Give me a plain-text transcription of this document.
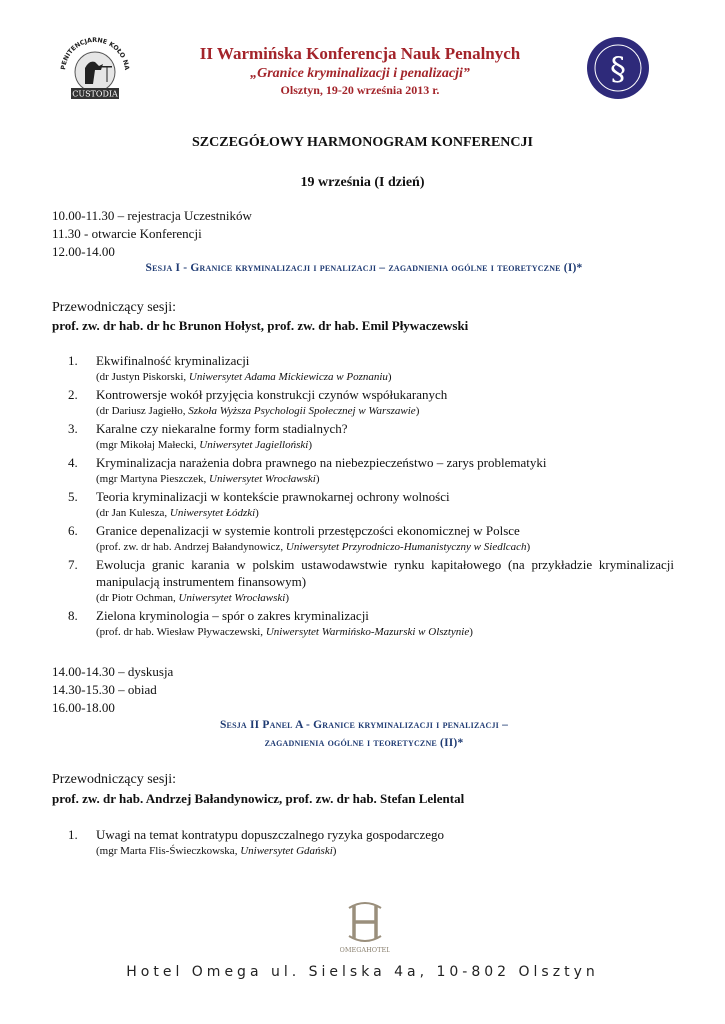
PENITENCJARNE KOŁO NA
CUSTODIA
II Warmińska Konferencja Nauk Penalnych
„Granice kryminalizacji i penalizacji”
Olsztyn, 19-20 września 2013 r.
§
SZCZEGÓŁOWY HARMONOGRAM KONFERENCJI
19 września (I dzień)
10.00-11.30 – rejestracja Uczestników
11.30 - otwarcie Konferencji
12.00-14.00
Sesja I - Granice kryminalizacji i penalizacji – zagadnienia ogólne i teoretyczne (I)*
Przewodniczący sesji:
prof. zw. dr hab. dr hc Brunon Hołyst, prof. zw. dr hab. Emil Pływaczewski
1. Ekwifinalność kryminalizacji
(dr Justyn Piskorski, Uniwersytet Adama Mickiewicza w Poznaniu)
2. Kontrowersje wokół przyjęcia konstrukcji czynów współukaranych
(dr Dariusz Jagiełło, Szkoła Wyższa Psychologii Społecznej w Warszawie)
3. Karalne czy niekaralne formy form stadialnych?
(mgr Mikołaj Małecki, Uniwersytet Jagielloński)
4. Kryminalizacja narażenia dobra prawnego na niebezpieczeństwo – zarys problematyki
(mgr Martyna Pieszczek, Uniwersytet Wrocławski)
5. Teoria kryminalizacji w kontekście prawnokarnej ochrony wolności
(dr Jan Kulesza, Uniwersytet Łódzki)
6. Granice depenalizacji w systemie kontroli przestępczości ekonomicznej w Polsce
(prof. zw. dr hab. Andrzej Bałandynowicz, Uniwersytet Przyrodniczo-Humanistyczny w Siedlcach)
7. Ewolucja granic karania w polskim ustawodawstwie rynku kapitałowego (na przykładzie kryminalizacji manipulacją instrumentem finansowym)
(dr Piotr Ochman, Uniwersytet Wrocławski)
8. Zielona kryminologia – spór o zakres kryminalizacji
(prof. dr hab. Wiesław Pływaczewski, Uniwersytet Warmińsko-Mazurski w Olsztynie)
14.00-14.30 – dyskusja
14.30-15.30 – obiad
16.00-18.00
Sesja II Panel A - Granice kryminalizacji i penalizacji –
zagadnienia ogólne i teoretyczne (II)*
Przewodniczący sesji:
prof. zw. dr hab. Andrzej Bałandynowicz, prof. zw. dr hab. Stefan Lelental
1. Uwagi na temat kontratypu dopuszczalnego ryzyka gospodarczego
(mgr Marta Flis-Świeczkowska, Uniwersytet Gdański)
OMEGAHOTEL
Hotel Omega ul. Sielska 4a, 10-802 Olsztyn
